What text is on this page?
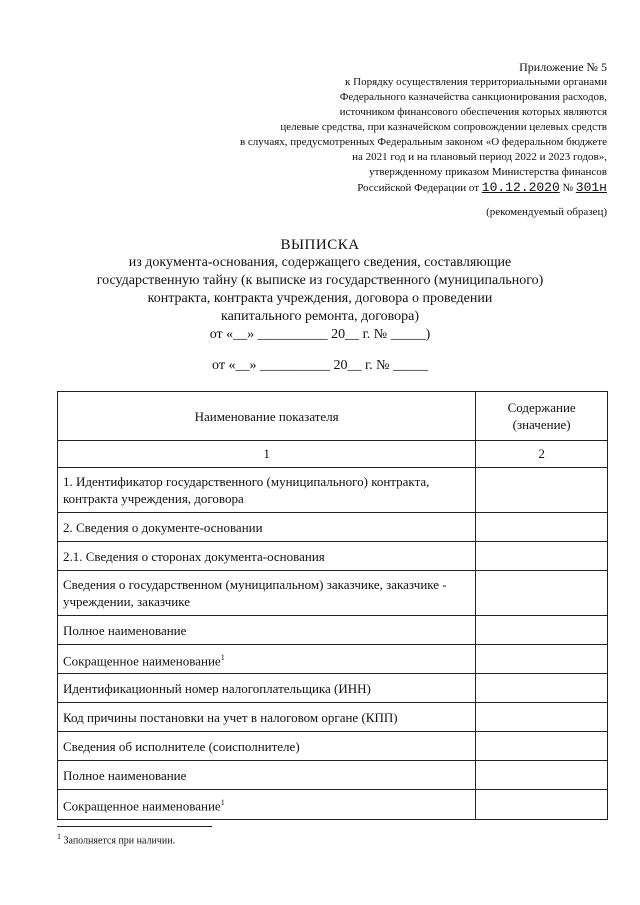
Приложение № 5
к Порядку осуществления территориальными органами
Федерального казначейства санкционирования расходов,
источником финансового обеспечения которых являются
целевые средства, при казначейском сопровождении целевых средств
в случаях, предусмотренных Федеральным законом «О федеральном бюджете
на 2021 год и на плановый период 2022 и 2023 годов»,
утвержденному приказом Министерства финансов
Российской Федерации от 10.12.2020 № 301н
(рекомендуемый образец)
ВЫПИСКА
из документа-основания, содержащего сведения, составляющие
государственную тайну (к выписке из государственного (муниципального)
контракта, контракта учреждения, договора о проведении
капитального ремонта, договора)
от «__» __________ 20__ г. № _____)
от «__» __________ 20__ г. № _____
Наименование показателя	Содержание (значение)
1	2
1. Идентификатор государственного (муниципального) контракта, контракта учреждения, договора	
2. Сведения о документе-основании	
2.1. Сведения о сторонах документа-основания	
Сведения о государственном (муниципальном) заказчике, заказчике - учреждении, заказчике	
Полное наименование	
Сокращенное наименование$^1$	
Идентификационный номер налогоплательщика (ИНН)	
Код причины постановки на учет в налоговом органе (КПП)	
Сведения об исполнителе (соисполнителе)	
Полное наименование	
Сокращенное наименование$^1$	
$^1$ Заполняется при наличии.
